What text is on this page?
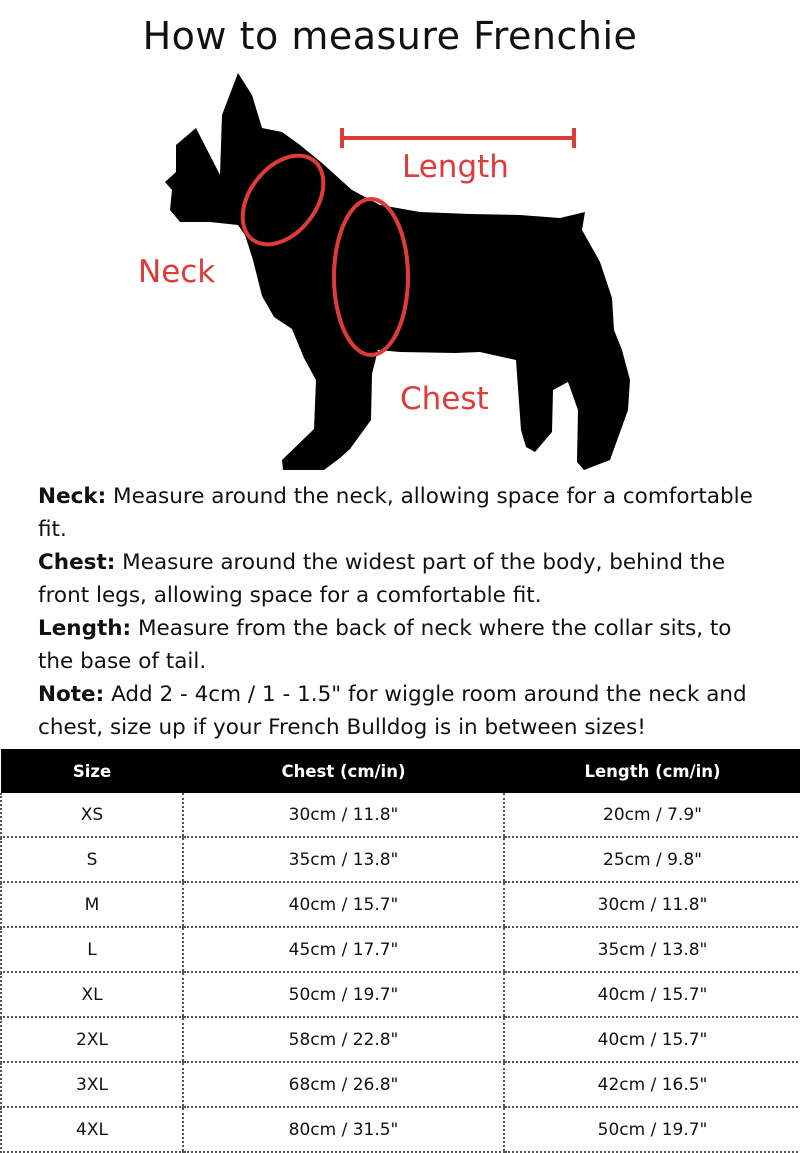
How to measure Frenchie
Length
Neck
Chest

Neck: Measure around the neck, allowing space for a comfortable fit.

Chest: Measure around the widest part of the body, behind the front legs, allowing space for a comfortable fit.

Length: Measure from the back of neck where the collar sits, to the base of tail.

Note: Add 2 - 4cm / 1 - 1.5" for wiggle room around the neck and chest, size up if your French Bulldog is in between sizes!

Size	Chest (cm/in)	Length (cm/in)
XS	30cm / 11.8"	20cm / 7.9"
S	35cm / 13.8"	25cm / 9.8"
M	40cm / 15.7"	30cm / 11.8"
L	45cm / 17.7"	35cm / 13.8"
XL	50cm / 19.7"	40cm / 15.7"
2XL	58cm / 22.8"	40cm / 15.7"
3XL	68cm / 26.8"	42cm / 16.5"
4XL	80cm / 31.5"	50cm / 19.7"
